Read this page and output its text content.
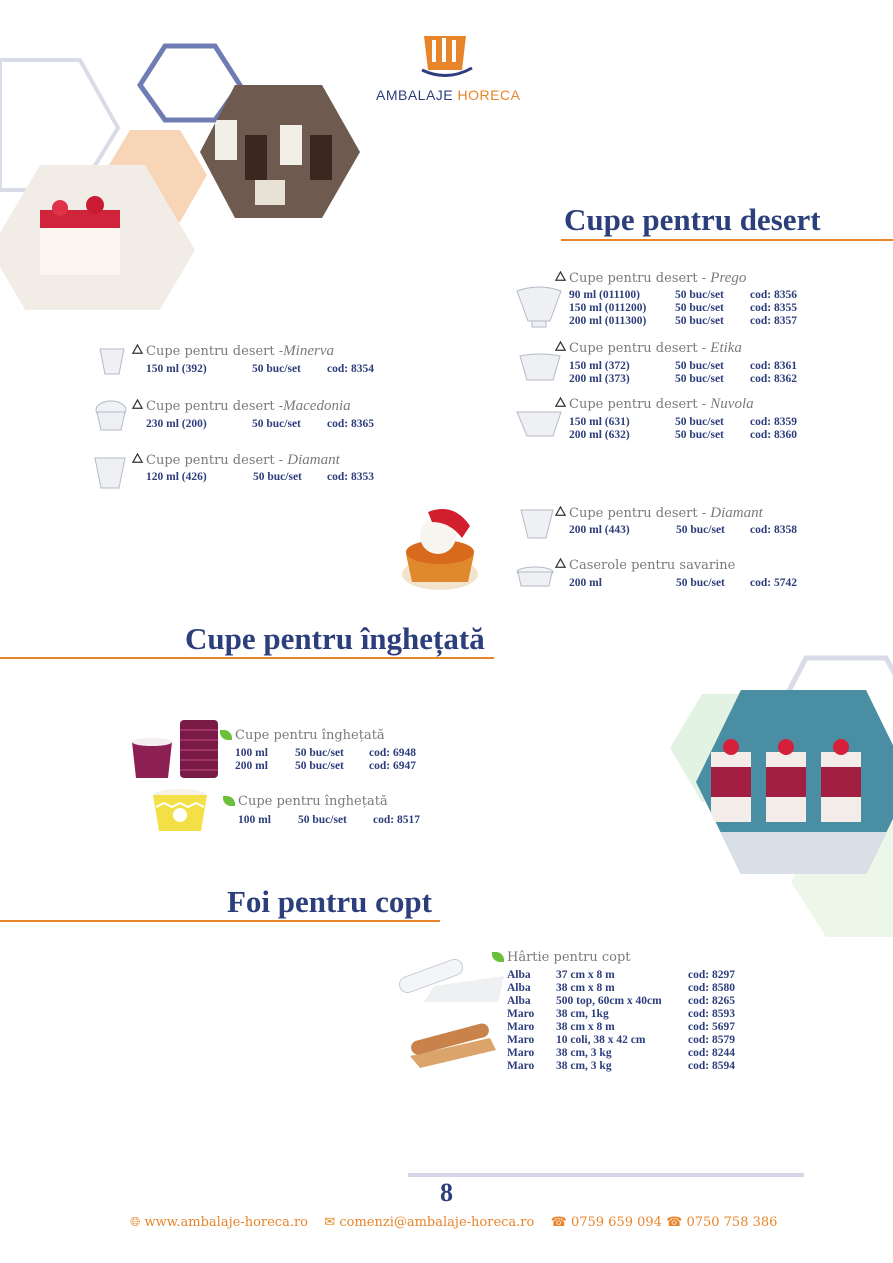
AMBALAJE HORECA
Cupe pentru desert
Cupe pentru desert -Minerva
150 ml (392)	50 buc/set cod: 8354
Cupe pentru desert -Macedonia
230 ml (200)	50 buc/set cod: 8365
Cupe pentru desert - Diamant
120 ml (426)	50 buc/set cod: 8353
Cupe pentru desert - Prego
90 ml (011100)	50 buc/set cod: 8356
150 ml (011200) 50 buc/set cod: 8355
200 ml (011300) 50 buc/set cod: 8357
Cupe pentru desert - Etika
150 ml (372)	50 buc/set cod: 8361
200 ml (373)	50 buc/set cod: 8362
Cupe pentru desert - Nuvola
150 ml (631)	50 buc/set cod: 8359
200 ml (632)	50 buc/set cod: 8360
Cupe pentru desert - Diamant
200 ml (443)	50 buc/set cod: 8358
Caserole pentru savarine
200 ml	50 buc/set cod: 5742
Cupe pentru înghețată
Cupe pentru înghețată
100 ml 50 buc/set cod: 6948
200 ml 50 buc/set cod: 6947
Cupe pentru înghețată
100 ml 50 buc/set cod: 8517
Foi pentru copt
Hârtie pentru copt
Alba 37 cm x 8 m	cod: 8297
Alba 38 cm x 8 m	cod: 8580
Alba 500 top, 60cm x 40cm cod: 8265
Maro 38 cm, 1kg	cod: 8593
Maro 38 cm x 8 m	cod: 5697
Maro 10 coli, 38 x 42 cm	cod: 8579
Maro 38 cm, 3 kg	cod: 8244
Maro 38 cm, 3 kg	cod: 8594
8
🌐︎ www.ambalaje-horeca.ro ✉ comenzi@ambalaje-horeca.ro ☎ 0759 659 094 ☎ 0750 758 386
